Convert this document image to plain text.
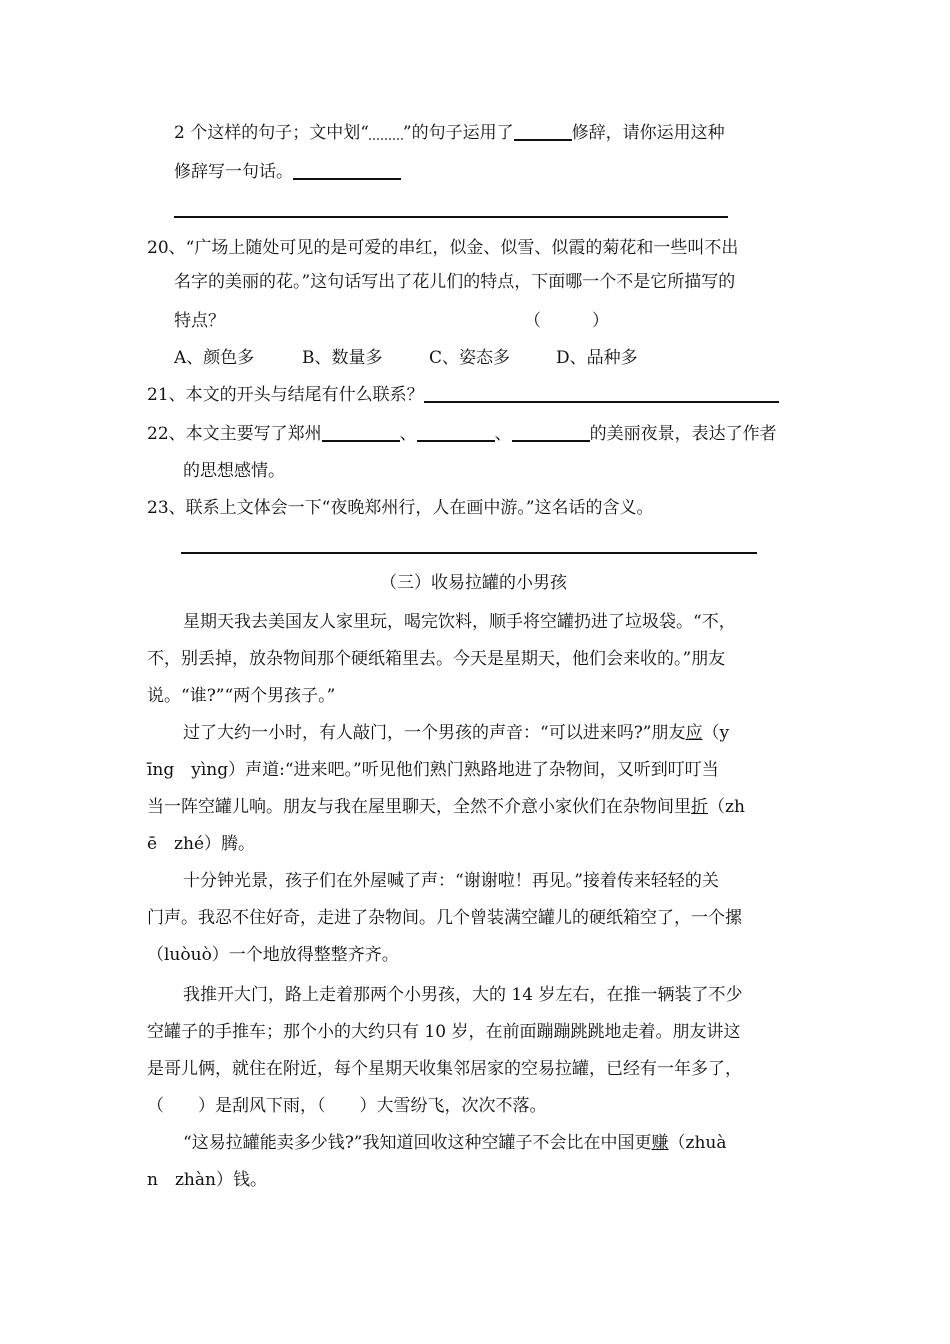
2 个这样的句子；文中划“ ”的句子运用了	修辞，请你运用这种
修辞写一句话。
20、“广场上随处可见的是可爱的串红，似金、似雪、似霞的菊花和一些叫不出
名字的美丽的花。”这句话写出了花儿们的特点，下面哪一个不是它所描写的
特点？	（　　　）
A、颜色多	B、数量多	C、姿态多	D、品种多
21、本文的开头与结尾有什么联系？
22、本文主要写了郑州	、	、	的美丽夜景，表达了作者
的思想感情。
23、联系上文体会一下“夜晚郑州行，人在画中游。”这名话的含义。
（三）收易拉罐的小男孩
星期天我去美国友人家里玩，喝完饮料，顺手将空罐扔进了垃圾袋。“不，
不，别丢掉，放杂物间那个硬纸箱里去。今天是星期天，他们会来收的。”朋友
说。“谁?”“两个男孩子。”
过了大约一小时，有人敲门，一个男孩的声音：“可以进来吗?”朋友应（y
īng　yìng）声道:“进来吧。”听见他们熟门熟路地进了杂物间，又听到叮叮当
当一阵空罐儿响。朋友与我在屋里聊天，全然不介意小家伙们在杂物间里折（zh
ē　zhé）腾。
十分钟光景，孩子们在外屋喊了声：“谢谢啦！再见。”接着传来轻轻的关
门声。我忍不住好奇，走进了杂物间。几个曾装满空罐儿的硬纸箱空了，一个摞
（luòuò）一个地放得整整齐齐。
我推开大门，路上走着那两个小男孩，大的 14 岁左右，在推一辆装了不少
空罐子的手推车；那个小的大约只有 10 岁，在前面蹦蹦跳跳地走着。朋友讲这
是哥儿俩，就住在附近，每个星期天收集邻居家的空易拉罐，已经有一年多了，
（　　）是刮风下雨，（　　）大雪纷飞，次次不落。
“这易拉罐能卖多少钱?”我知道回收这种空罐子不会比在中国更赚（zhuà
n　zhàn）钱。
